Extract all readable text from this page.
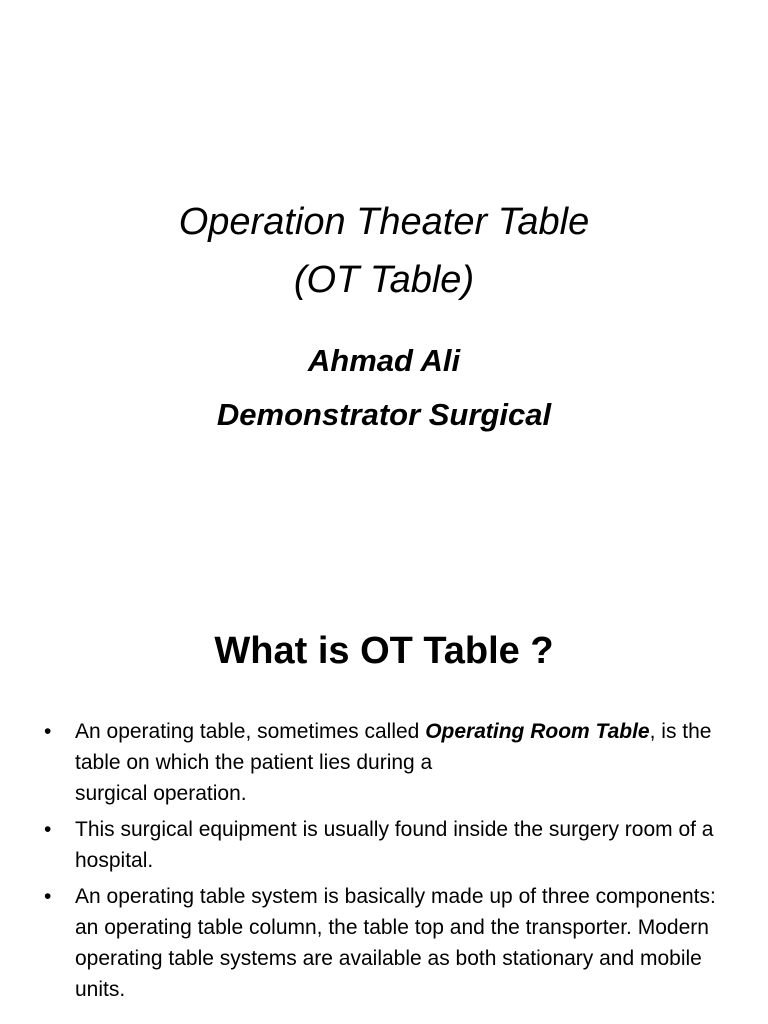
Operation Theater Table
(OT Table)
Ahmad Ali
Demonstrator Surgical
What is OT Table ?
• An operating table, sometimes called Operating Room Table, is the table on which the patient lies during a
surgical operation.
• This surgical equipment is usually found inside the surgery room of a hospital.
• An operating table system is basically made up of three components: an operating table column, the table top and the transporter. Modern operating table systems are available as both stationary and mobile units.
